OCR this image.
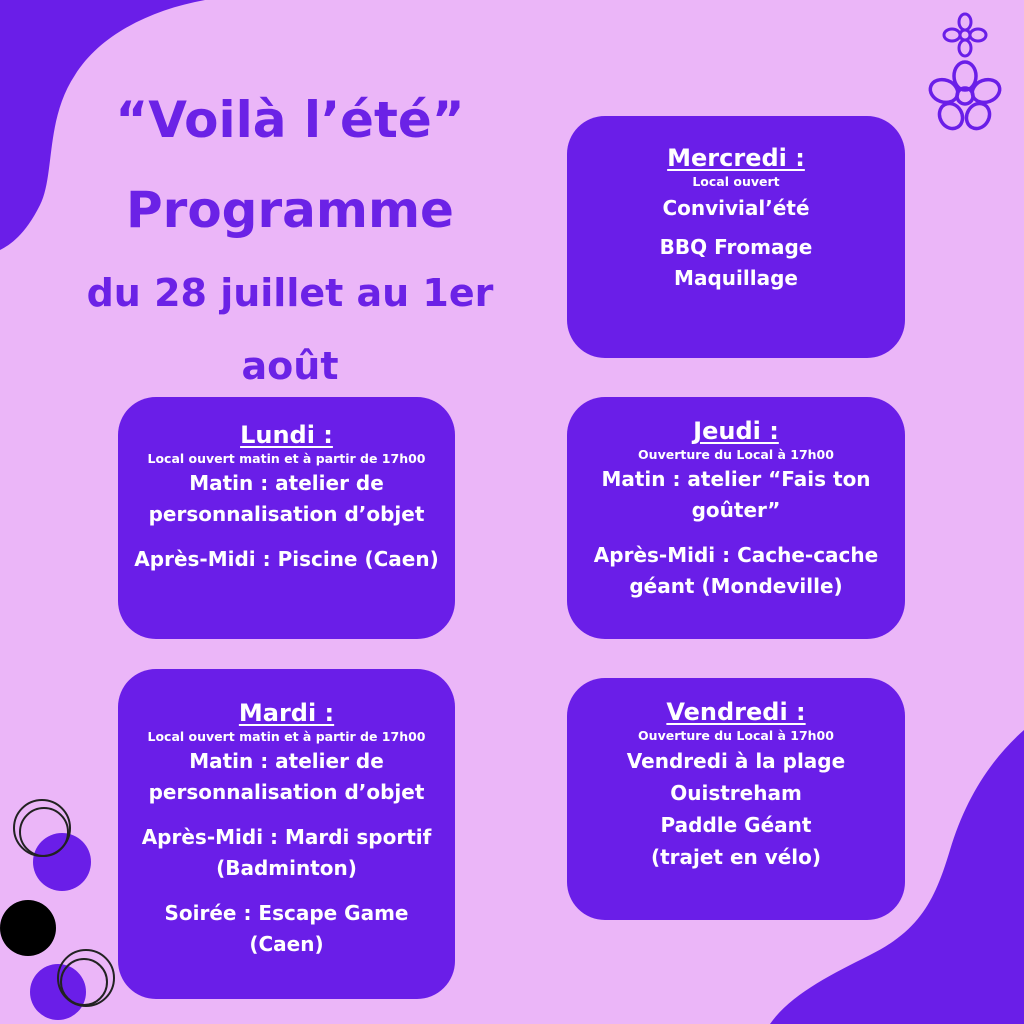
“Voilà l’été”
Programme
du 28 juillet au 1er
août
Mercredi :
Local ouvert
Convivial’été
BBQ Fromage
Maquillage
Lundi :
Local ouvert matin et à partir de 17h00
Matin : atelier de
personnalisation d’objet
Après-Midi : Piscine (Caen)
Jeudi :
Ouverture du Local à 17h00
Matin : atelier “Fais ton
goûter”
Après-Midi : Cache-cache
géant (Mondeville)
Mardi :
Local ouvert matin et à partir de 17h00
Matin : atelier de
personnalisation d’objet
Après-Midi : Mardi sportif
(Badminton)
Soirée : Escape Game
(Caen)
Vendredi :
Ouverture du Local à 17h00
Vendredi à la plage
Ouistreham
Paddle Géant
(trajet en vélo)
